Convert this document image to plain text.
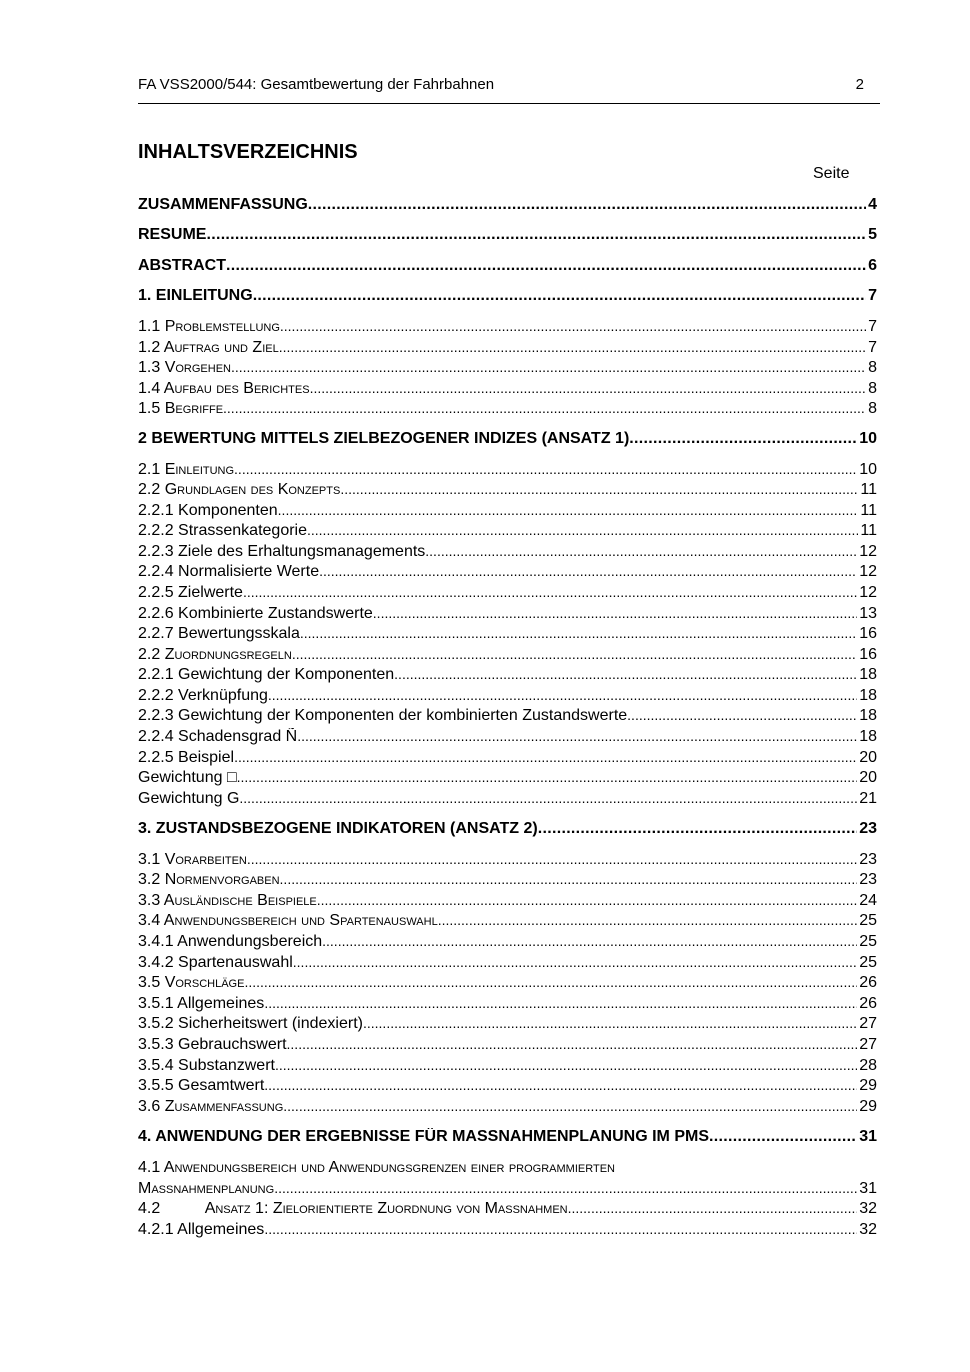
FA VSS2000/544: Gesamtbewertung der Fahrbahnen	2
INHALTSVERZEICHNIS
Seite
ZUSAMMENFASSUNG .....	4
RESUME .....	5
ABSTRACT .....	6
1. EINLEITUNG .....	7
1.1 Problemstellung .....	7
1.2 Auftrag und Ziel .....	7
1.3 Vorgehen .....	8
1.4 Aufbau des Berichtes .....	8
1.5 Begriffe .....	8
2 BEWERTUNG MITTELS ZIELBEZOGENER INDIZES (ANSATZ 1) .....	10
2.1 Einleitung .....	10
2.2 Grundlagen des Konzepts .....	11
2.2.1 Komponenten .....	11
2.2.2 Strassenkategorie .....	11
2.2.3 Ziele des Erhaltungsmanagements .....	12
2.2.4 Normalisierte Werte .....	12
2.2.5 Zielwerte .....	12
2.2.6 Kombinierte Zustandswerte .....	13
2.2.7 Bewertungsskala .....	16
2.2 Zuordnungsregeln .....	16
2.2.1 Gewichtung der Komponenten .....	18
2.2.2 Verknüpfung .....	18
2.2.3 Gewichtung der Komponenten der kombinierten Zustandswerte .....	18
2.2.4 Schadensgrad Ñ .....	18
2.2.5 Beispiel .....	20
Gewichtung □ .....	20
Gewichtung G .....	21
3. ZUSTANDSBEZOGENE INDIKATOREN (ANSATZ 2) .....	23
3.1 Vorarbeiten .....	23
3.2 Normenvorgaben .....	23
3.3 Ausländische Beispiele .....	24
3.4 Anwendungsbereich und Spartenauswahl .....	25
3.4.1 Anwendungsbereich .....	25
3.4.2 Spartenauswahl .....	25
3.5 Vorschläge .....	26
3.5.1 Allgemeines .....	26
3.5.2 Sicherheitswert (indexiert) .....	27
3.5.3 Gebrauchswert .....	27
3.5.4 Substanzwert .....	28
3.5.5 Gesamtwert .....	29
3.6 Zusammenfassung .....	29
4. ANWENDUNG DER ERGEBNISSE FÜR MASSNAHMENPLANUNG IM PMS .....	31
4.1 Anwendungsbereich und Anwendungsgrenzen einer programmierten
Massnahmenplanung .....	31
4.2          Ansatz 1: Zielorientierte Zuordnung von Massnahmen .....	32
4.2.1 Allgemeines .....	32
